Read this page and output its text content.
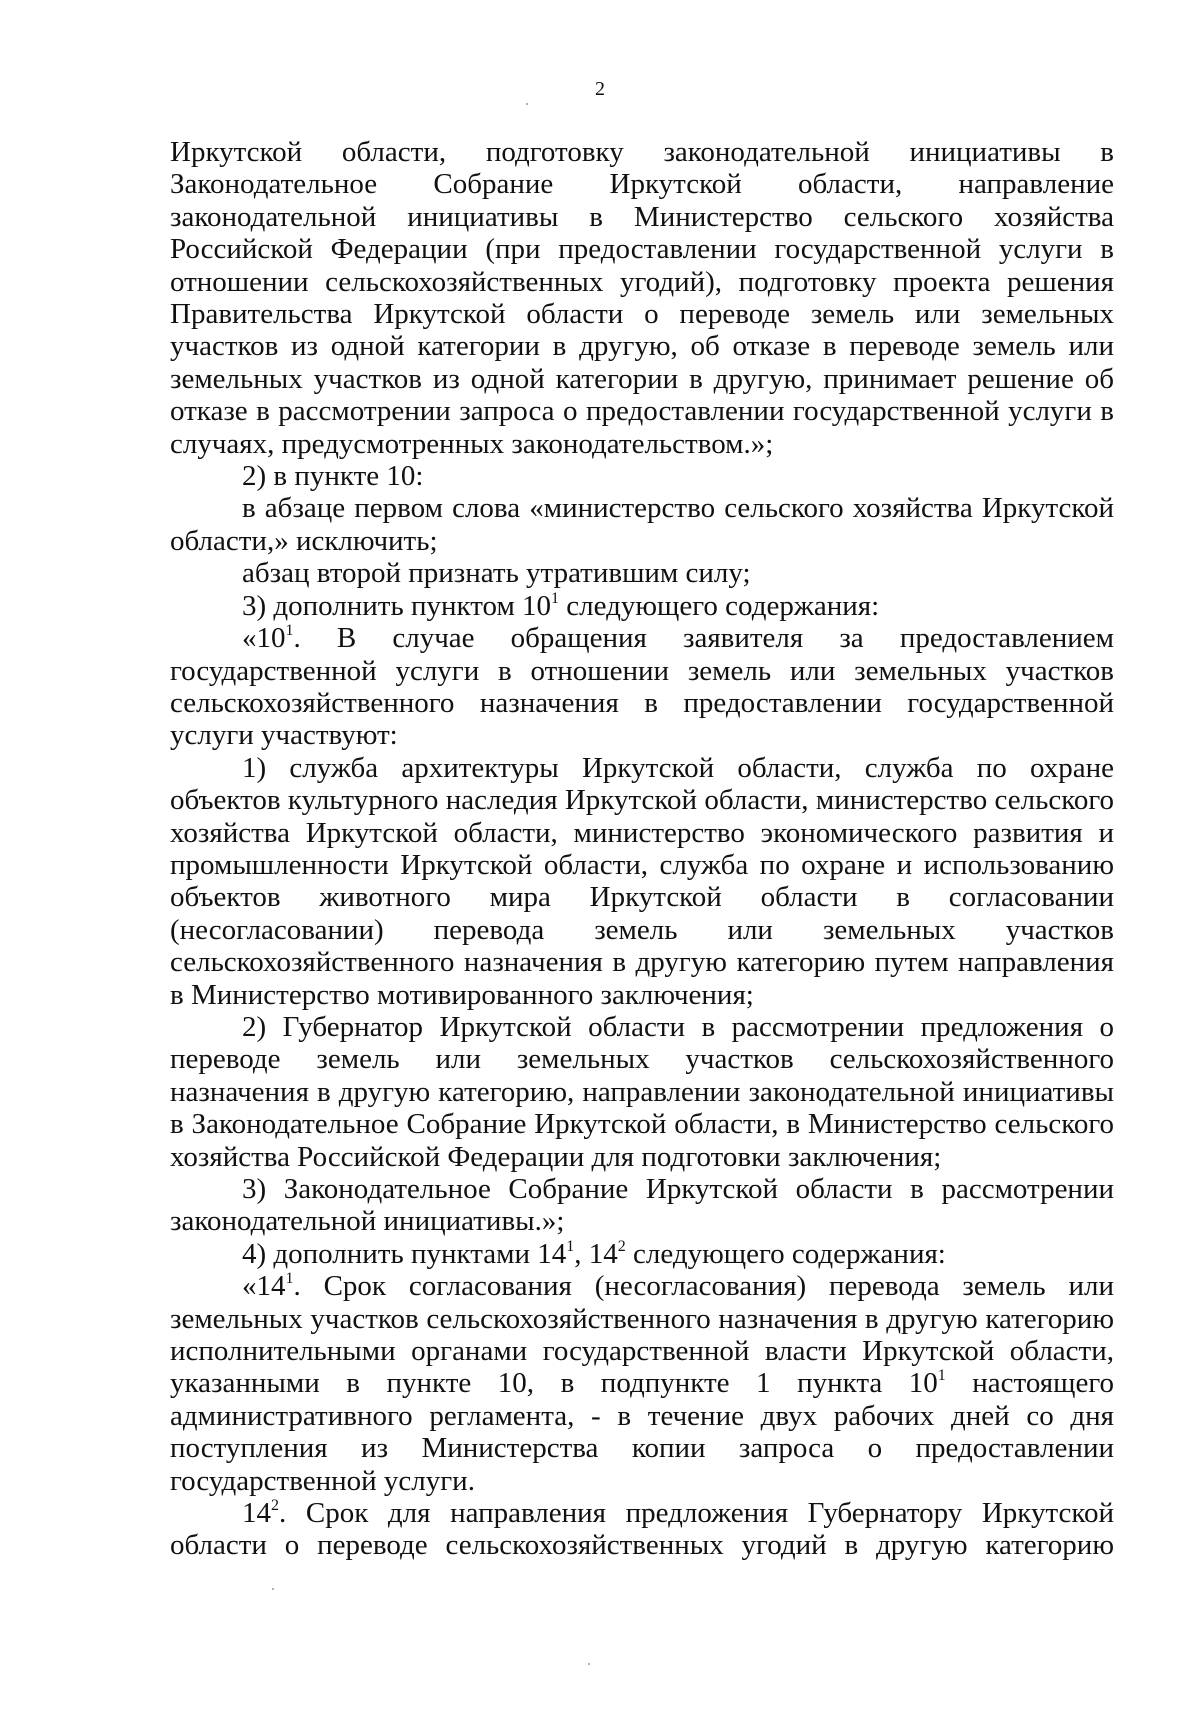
2

Иркутской области, подготовку законодательной инициативы в Законодательное Собрание Иркутской области, направление законодательной инициативы в Министерство сельского хозяйства Российской Федерации (при предоставлении государственной услуги в отношении сельскохозяйственных угодий), подготовку проекта решения Правительства Иркутской области о переводе земель или земельных участков из одной категории в другую, об отказе в переводе земель или земельных участков из одной категории в другую, принимает решение об отказе в рассмотрении запроса о предоставлении государственной услуги в случаях, предусмотренных законодательством.»;

2) в пункте 10:

в абзаце первом слова «министерство сельского хозяйства Иркутской области,» исключить;

абзац второй признать утратившим силу;

3) дополнить пунктом $10^1$ следующего содержания:

«$10^1$. В случае обращения заявителя за предоставлением государственной услуги в отношении земель или земельных участков сельскохозяйственного назначения в предоставлении государственной услуги участвуют:

1) служба архитектуры Иркутской области, служба по охране объектов культурного наследия Иркутской области, министерство сельского хозяйства Иркутской области, министерство экономического развития и промышленности Иркутской области, служба по охране и использованию объектов животного мира Иркутской области в согласовании (несогласовании) перевода земель или земельных участков сельскохозяйственного назначения в другую категорию путем направления в Министерство мотивированного заключения;

2) Губернатор Иркутской области в рассмотрении предложения о переводе земель или земельных участков сельскохозяйственного назначения в другую категорию, направлении законодательной инициативы в Законодательное Собрание Иркутской области, в Министерство сельского хозяйства Российской Федерации для подготовки заключения;

3) Законодательное Собрание Иркутской области в рассмотрении законодательной инициативы.»;

4) дополнить пунктами $14^1$, $14^2$ следующего содержания:

«$14^1$. Срок согласования (несогласования) перевода земель или земельных участков сельскохозяйственного назначения в другую категорию исполнительными органами государственной власти Иркутской области, указанными в пункте 10, в подпункте 1 пункта $10^1$ настоящего административного регламента, - в течение двух рабочих дней со дня поступления из Министерства копии запроса о предоставлении государственной услуги.

$14^2$. Срок для направления предложения Губернатору Иркутской области о переводе сельскохозяйственных угодий в другую категорию
